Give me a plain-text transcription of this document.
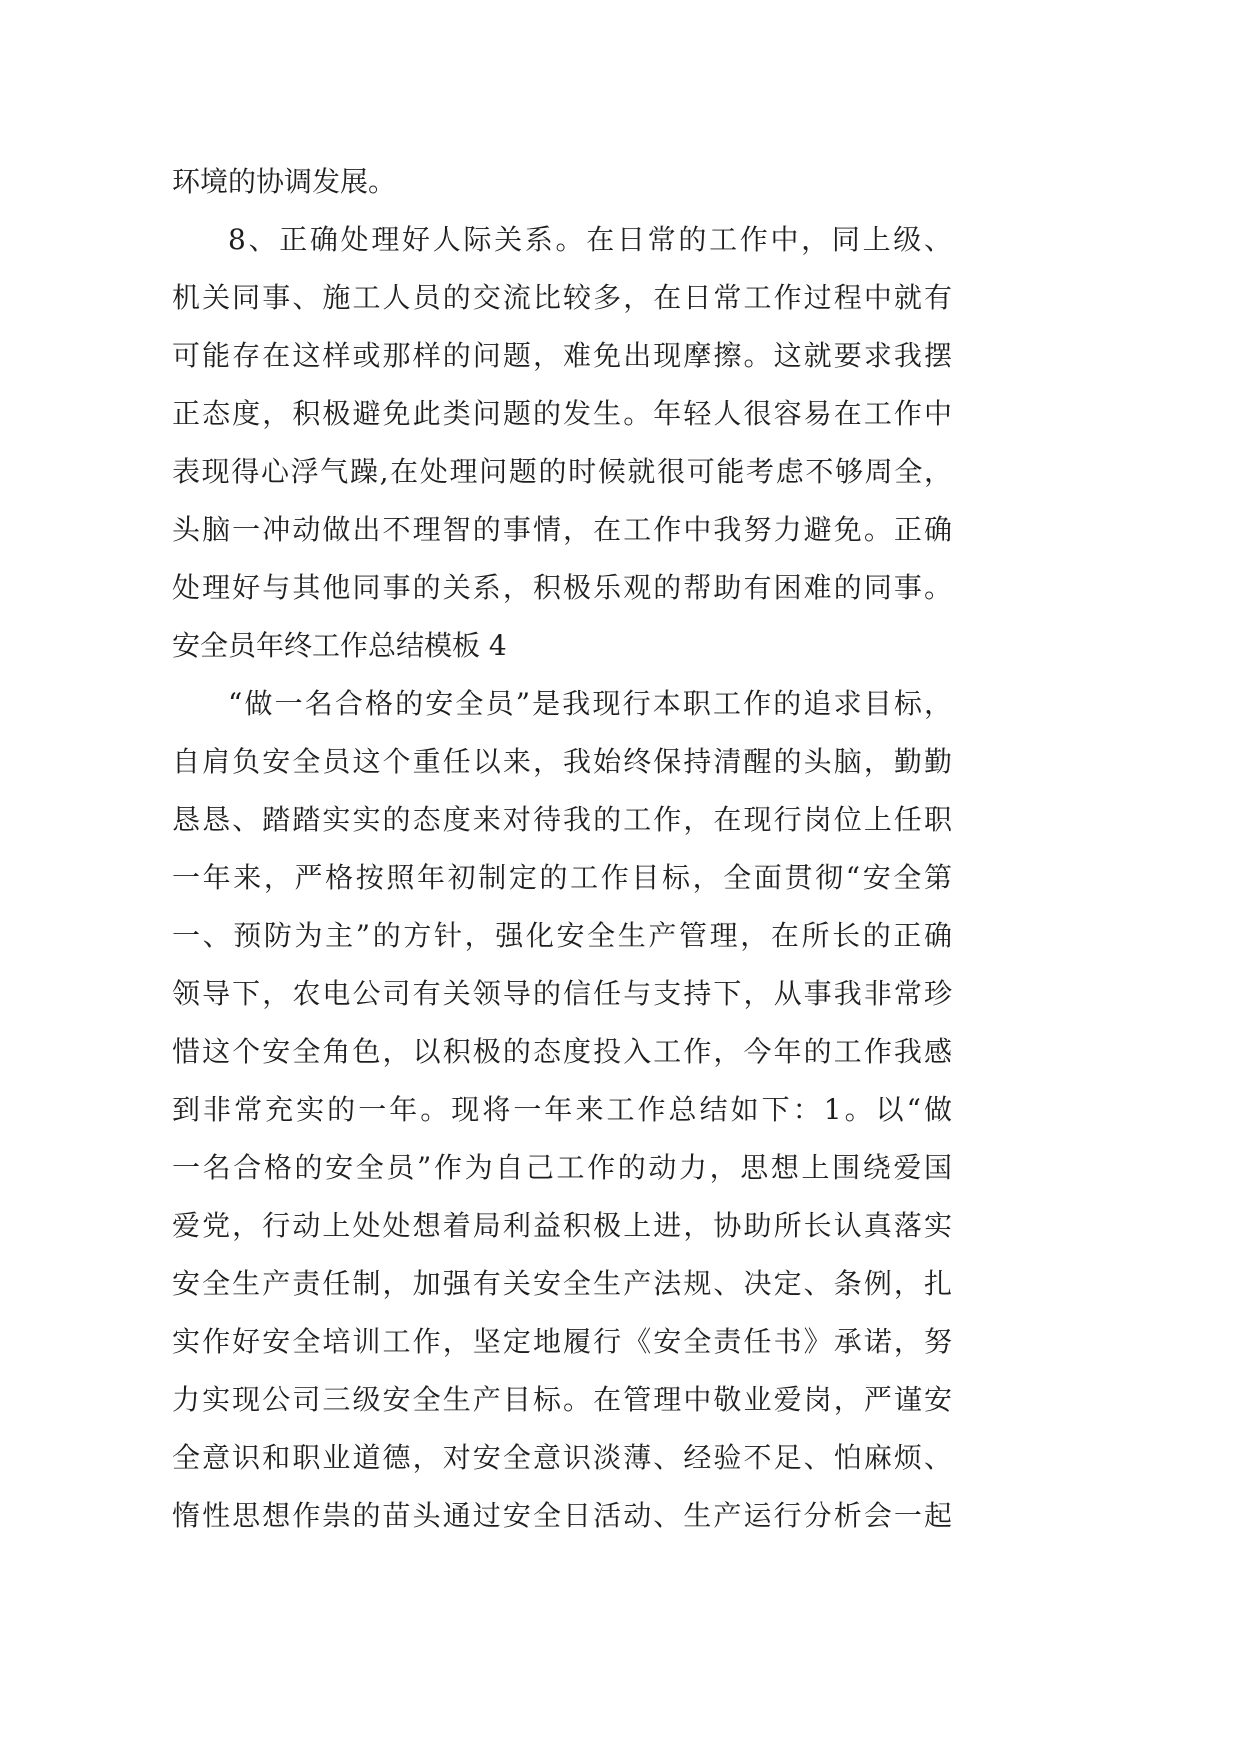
环境的协调发展。
8、正确处理好人际关系。在日常的工作中，同上级、
机关同事、施工人员的交流比较多，在日常工作过程中就有
可能存在这样或那样的问题，难免出现摩擦。这就要求我摆
正态度，积极避免此类问题的发生。年轻人很容易在工作中
表现得心浮气躁,在处理问题的时候就很可能考虑不够周全，
头脑一冲动做出不理智的事情，在工作中我努力避免。正确
处理好与其他同事的关系，积极乐观的帮助有困难的同事。
安全员年终工作总结模板 4
“做一名合格的安全员”是我现行本职工作的追求目标，
自肩负安全员这个重任以来，我始终保持清醒的头脑，勤勤
恳恳、踏踏实实的态度来对待我的工作，在现行岗位上任职
一年来，严格按照年初制定的工作目标，全面贯彻“安全第
一、预防为主”的方针，强化安全生产管理，在所长的正确
领导下，农电公司有关领导的信任与支持下，从事我非常珍
惜这个安全角色，以积极的态度投入工作，今年的工作我感
到非常充实的一年。现将一年来工作总结如下：1。以“做
一名合格的安全员”作为自己工作的动力，思想上围绕爱国
爱党，行动上处处想着局利益积极上进，协助所长认真落实
安全生产责任制，加强有关安全生产法规、决定、条例，扎
实作好安全培训工作，坚定地履行《安全责任书》承诺，努
力实现公司三级安全生产目标。在管理中敬业爱岗，严谨安
全意识和职业道德，对安全意识淡薄、经验不足、怕麻烦、
惰性思想作祟的苗头通过安全日活动、生产运行分析会一起
